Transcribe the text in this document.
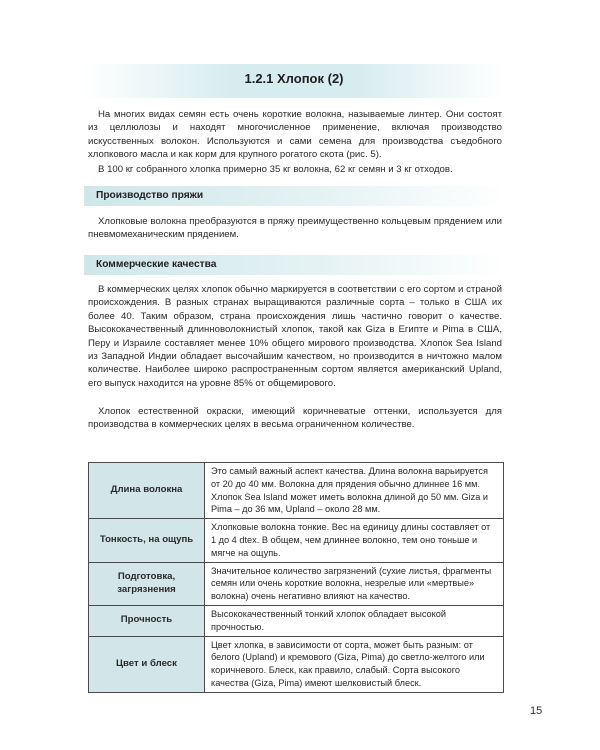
1.2.1 Хлопок (2)

На многих видах семян есть очень короткие волокна, называемые линтер. Они состоят из целлюлозы и находят многочисленное применение, включая производство искусственных волокон. Используются и сами семена для производства съедобного хлопкового масла и как корм для крупного рогатого скота (рис. 5).

В 100 кг собранного хлопка примерно 35 кг волокна, 62 кг семян и 3 кг отходов.

Производство пряжи

Хлопковые волокна преобразуются в пряжу преимущественно кольцевым прядением или пневмомеханическим прядением.

Коммерческие качества

В коммерческих целях хлопок обычно маркируется в соответствии с его сортом и страной происхождения. В разных странах выращиваются различные сорта – только в США их более 40. Таким образом, страна происхождения лишь частично говорит о качестве. Высококачественный длинноволокнистый хлопок, такой как Giza в Египте и Pima в США, Перу и Израиле составляет менее 10% общего мирового производства. Хлопок Sea Island из Западной Индии обладает высочайшим качеством, но производится в ничтожно малом количестве. Наиболее широко распространенным сортом является американский Upland, его выпуск находится на уровне 85% от общемирового.

Хлопок естественной окраски, имеющий коричневатые оттенки, используется для производства в коммерческих целях в весьма ограниченном количестве.

Длина волокна	Это самый важный аспект качества. Длина волокна варьируется от 20 до 40 мм. Волокна для прядения обычно длиннее 16 мм. Хлопок Sea Island может иметь волокна длиной до 50 мм. Giza и Pima – до 36 мм, Upland – около 28 мм.
Тонкость, на ощупь	Хлопковые волокна тонкие. Вес на единицу длины составляет от 1 до 4 dtex. В общем, чем длиннее волокно, тем оно тоньше и мягче на ощупь.
Подготовка, загрязнения	Значительное количество загрязнений (сухие листья, фрагменты семян или очень короткие волокна, незрелые или «мертвые» волокна) очень негативно влияют на качество.
Прочность	Высококачественный тонкий хлопок обладает высокой прочностью.
Цвет и блеск	Цвет хлопка, в зависимости от сорта, может быть разным: от белого (Upland) и кремового (Giza, Pima) до светло-желтого или коричневого. Блеск, как правило, слабый. Сорта высокого качества (Giza, Pima) имеют шелковистый блеск.
15
